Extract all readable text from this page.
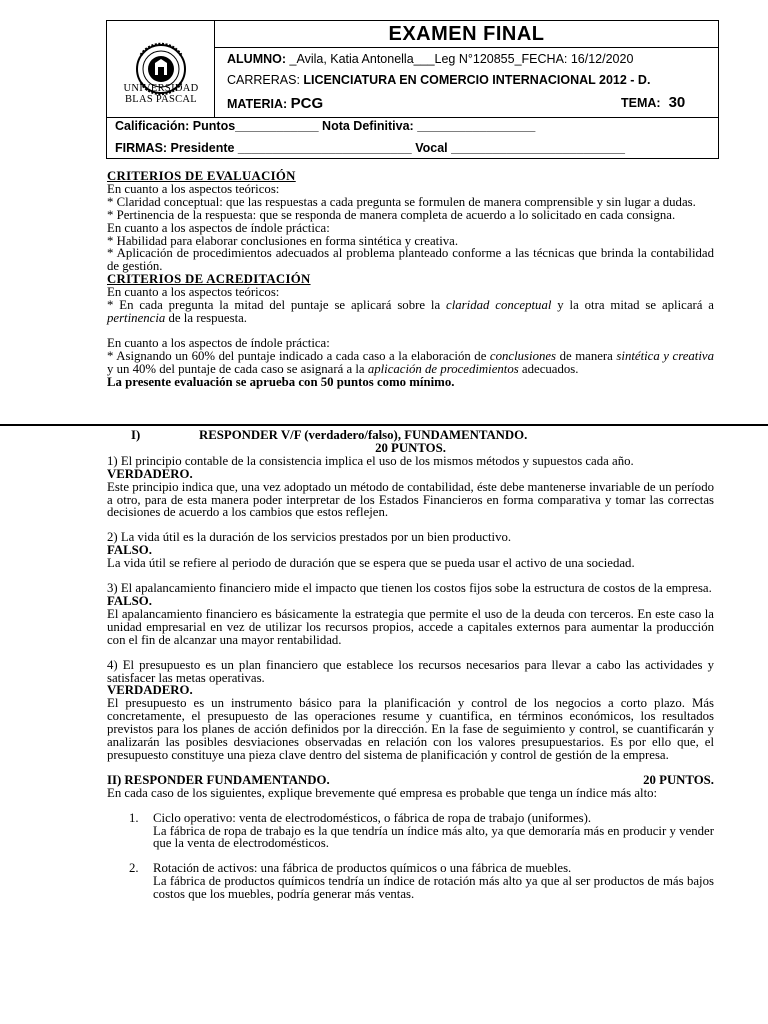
UNIVERSIDAD
BLAS PASCAL
EXAMEN FINAL
ALUMNO: _Avila, Katia Antonella___Leg N°120855_FECHA: 16/12/2020
CARRERAS: LICENCIATURA EN COMERCIO INTERNACIONAL 2012 - D.
MATERIA: PCG	TEMA: 30
Calificación: Puntos____________ Nota Definitiva: _________________
FIRMAS: Presidente _________________________ Vocal _________________________

CRITERIOS DE EVALUACIÓN

En cuanto a los aspectos teóricos:

* Claridad conceptual: que las respuestas a cada pregunta se formulen de manera comprensible y sin lugar a dudas.

* Pertinencia de la respuesta: que se responda de manera completa de acuerdo a lo solicitado en cada consigna.

En cuanto a los aspectos de índole práctica:

* Habilidad para elaborar conclusiones en forma sintética y creativa.

* Aplicación de procedimientos adecuados al problema planteado conforme a las técnicas que brinda la contabilidad de gestión.

CRITERIOS DE ACREDITACIÓN

En cuanto a los aspectos teóricos:

* En cada pregunta la mitad del puntaje se aplicará sobre la claridad conceptual y la otra mitad se aplicará a pertinencia de la respuesta.

En cuanto a los aspectos de índole práctica:

* Asignando un 60% del puntaje indicado a cada caso a la elaboración de conclusiones de manera sintética y creativa y un 40% del puntaje de cada caso se asignará a la aplicación de procedimientos adecuados.

La presente evaluación se aprueba con 50 puntos como mínimo.

I)	RESPONDER V/F (verdadero/falso), FUNDAMENTANDO.

20 PUNTOS.

1) El principio contable de la consistencia implica el uso de los mismos métodos y supuestos cada año.

VERDADERO.

Este principio indica que, una vez adoptado un método de contabilidad, éste debe mantenerse invariable de un período a otro, para de esta manera poder interpretar de los Estados Financieros en forma comparativa y tomar las correctas decisiones de acuerdo a los cambios que estos reflejen.

2) La vida útil es la duración de los servicios prestados por un bien productivo.

FALSO.

La vida útil se refiere al periodo de duración que se espera que se pueda usar el activo de una sociedad.

3) El apalancamiento financiero mide el impacto que tienen los costos fijos sobe la estructura de costos de la empresa.

FALSO.

El apalancamiento financiero es básicamente la estrategia que permite el uso de la deuda con terceros. En este caso la unidad empresarial en vez de utilizar los recursos propios, accede a capitales externos para aumentar la producción con el fin de alcanzar una mayor rentabilidad.

4) El presupuesto es un plan financiero que establece los recursos necesarios para llevar a cabo las actividades y satisfacer las metas operativas.

VERDADERO.

El presupuesto es un instrumento básico para la planificación y control de los negocios a corto plazo. Más concretamente, el presupuesto de las operaciones resume y cuantifica, en términos económicos, los resultados previstos para los planes de acción definidos por la dirección. En la fase de seguimiento y control, se cuantificarán y analizarán las posibles desviaciones observadas en relación con los valores presupuestarios. Es por ello que, el presupuesto constituye una pieza clave dentro del sistema de planificación y control de gestión de la empresa.

II) RESPONDER FUNDAMENTANDO.	20 PUNTOS.

En cada caso de los siguientes, explique brevemente qué empresa es probable que tenga un índice más alto:

1. Ciclo operativo: venta de electrodomésticos, o fábrica de ropa de trabajo (uniformes).

La fábrica de ropa de trabajo es la que tendría un índice más alto, ya que demoraría más en producir y vender que la venta de electrodomésticos.

2. Rotación de activos: una fábrica de productos químicos o una fábrica de muebles.

La fábrica de productos químicos tendría un índice de rotación más alto ya que al ser productos de más bajos costos que los muebles, podría generar más ventas.
